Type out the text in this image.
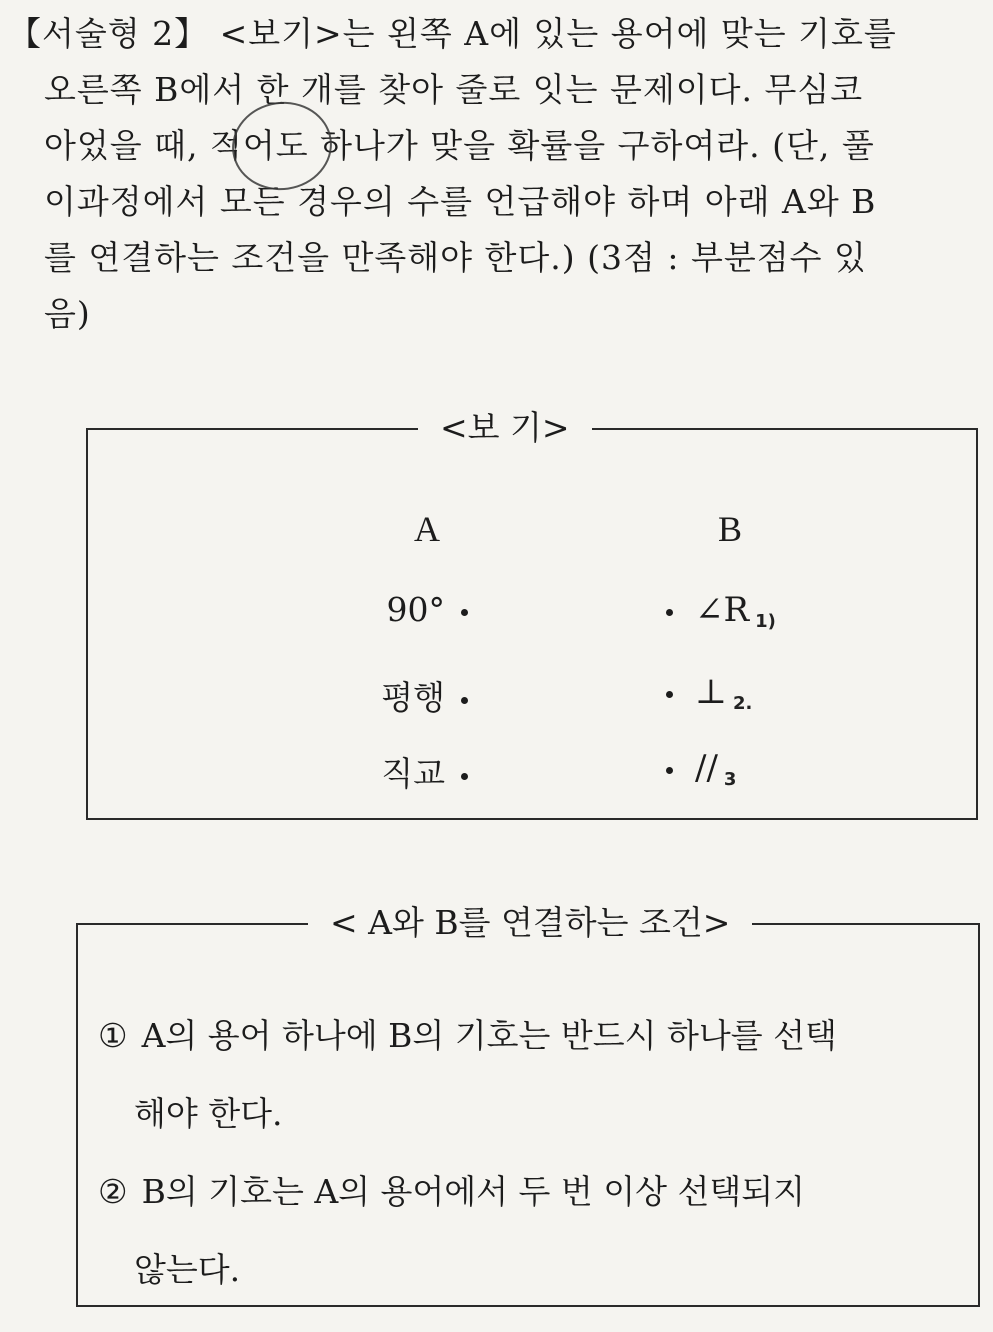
【서술형 2】 <보기>는 왼쪽 A에 있는 용어에 맞는 기호를
오른쪽 B에서 한 개를 찾아 줄로 잇는 문제이다. 무심코
아었을 때, 적어도 하나가 맞을 확률을 구하여라. (단, 풀
이과정에서 모든 경우의 수를 언급해야 하며 아래 A와 B
를 연결하는 조건을 만족해야 한다.) (3점 : 부분점수 있
음)
<보 기>
A	B
90°
평행
직교
∠R 1)
⊥ 2.
// 3
< A와 B를 연결하는 조건>
① A의 용어 하나에 B의 기호는 반드시 하나를 선택
해야 한다.
② B의 기호는 A의 용어에서 두 번 이상 선택되지
않는다.
